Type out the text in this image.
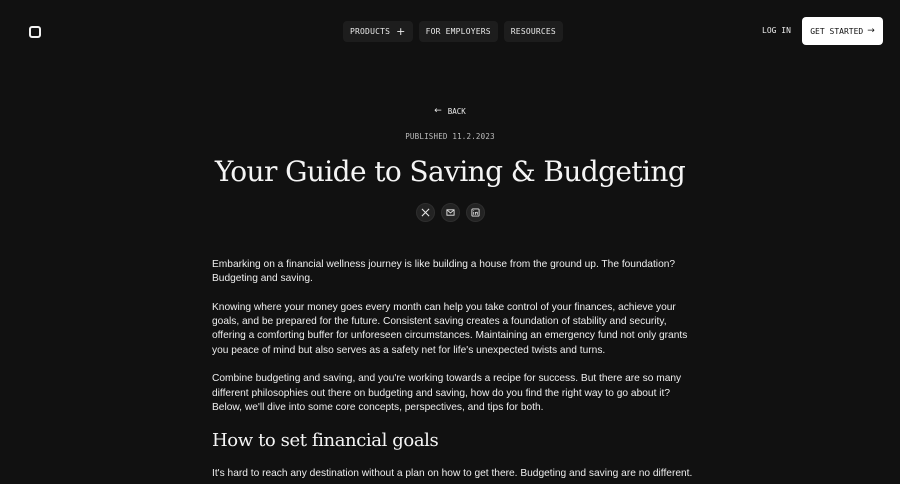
PRODUCTS +	FOR EMPLOYERS	RESOURCES	LOG IN GET STARTED →
← BACK
PUBLISHED 11.2.2023
Your Guide to Saving & Budgeting

Embarking on a financial wellness journey is like building a house from the ground up. The foundation? Budgeting and saving.

Knowing where your money goes every month can help you take control of your finances, achieve your goals, and be prepared for the future. Consistent saving creates a foundation of stability and security, offering a comforting buffer for unforeseen circumstances. Maintaining an emergency fund not only grants you peace of mind but also serves as a safety net for life's unexpected twists and turns.

Combine budgeting and saving, and you're working towards a recipe for success. But there are so many different philosophies out there on budgeting and saving, how do you find the right way to go about it? Below, we'll dive into some core concepts, perspectives, and tips for both.

How to set financial goals

It's hard to reach any destination without a plan on how to get there. Budgeting and saving are no different.
